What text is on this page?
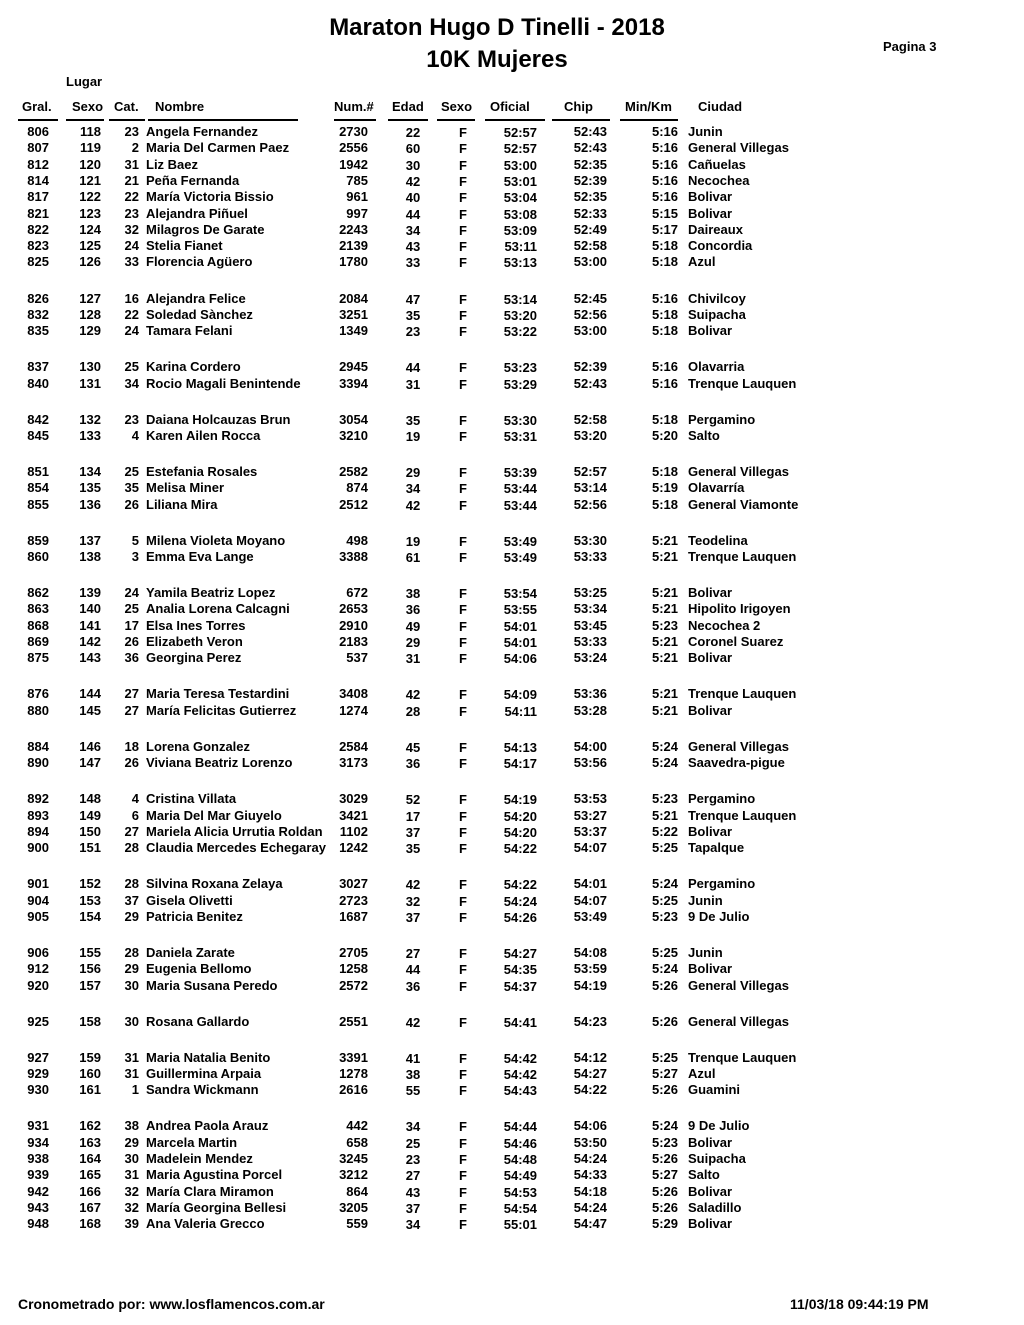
Maraton Hugo D Tinelli - 2018
10K Mujeres	Pagina 3
Lugar
Gral. Sexo Cat. Nombre	Num.# Edad Sexo Oficial	Chip Min/Km Ciudad
806	118	23 Angela Fernandez	2730	22	F	52:57	52:43	5:16 Junin
807	119	2 Maria Del Carmen Paez	2556	60	F	52:57	52:43	5:16 General Villegas
812	120	31 Liz Baez	1942	30	F	53:00	52:35	5:16 Cañuelas
814	121	21 Peña Fernanda	785	42	F	53:01	52:39	5:16 Necochea
817	122	22 María Victoria Bissio	961	40	F	53:04	52:35	5:16 Bolivar
821	123	23 Alejandra Piñuel	997	44	F	53:08	52:33	5:15 Bolivar
822	124	32 Milagros De Garate	2243	34	F	53:09	52:49	5:17 Daireaux
823	125	24 Stelia Fianet	2139	43	F	53:11	52:58	5:18 Concordia
825	126	33 Florencia Agüero	1780	33	F	53:13	53:00	5:18 Azul
826	127	16 Alejandra Felice	2084	47	F	53:14	52:45	5:16 Chivilcoy
832	128	22 Soledad Sànchez	3251	35	F	53:20	52:56	5:18 Suipacha
835	129	24 Tamara Felani	1349	23	F	53:22	53:00	5:18 Bolivar
837	130	25 Karina Cordero	2945	44	F	53:23	52:39	5:16 Olavarria
840	131	34 Rocio Magali Benintende	3394	31	F	53:29	52:43	5:16 Trenque Lauquen
842	132	23 Daiana Holcauzas Brun	3054	35	F	53:30	52:58	5:18 Pergamino
845	133	4 Karen Ailen Rocca	3210	19	F	53:31	53:20	5:20 Salto
851	134	25 Estefania Rosales	2582	29	F	53:39	52:57	5:18 General Villegas
854	135	35 Melisa Miner	874	34	F	53:44	53:14	5:19 Olavarría
855	136	26 Liliana Mira	2512	42	F	53:44	52:56	5:18 General Viamonte
859	137	5 Milena Violeta Moyano	498	19	F	53:49	53:30	5:21 Teodelina
860	138	3 Emma Eva Lange	3388	61	F	53:49	53:33	5:21 Trenque Lauquen
862	139	24 Yamila Beatriz Lopez	672	38	F	53:54	53:25	5:21 Bolivar
863	140	25 Analia Lorena Calcagni	2653	36	F	53:55	53:34	5:21 Hipolito Irigoyen
868	141	17 Elsa Ines Torres	2910	49	F	54:01	53:45	5:23 Necochea 2
869	142	26 Elizabeth Veron	2183	29	F	54:01	53:33	5:21 Coronel Suarez
875	143	36 Georgina Perez	537	31	F	54:06	53:24	5:21 Bolivar
876	144	27 Maria Teresa Testardini	3408	42	F	54:09	53:36	5:21 Trenque Lauquen
880	145	27 María Felicitas Gutierrez	1274	28	F	54:11	53:28	5:21 Bolivar
884	146	18 Lorena Gonzalez	2584	45	F	54:13	54:00	5:24 General Villegas
890	147	26 Viviana Beatriz Lorenzo	3173	36	F	54:17	53:56	5:24 Saavedra-pigue
892	148	4 Cristina Villata	3029	52	F	54:19	53:53	5:23 Pergamino
893	149	6 Maria Del Mar Giuyelo	3421	17	F	54:20	53:27	5:21 Trenque Lauquen
894	150	27 Mariela Alicia Urrutia Roldan	1102	37	F	54:20	53:37	5:22 Bolivar
900	151	28 Claudia Mercedes Echegaray	1242	35	F	54:22	54:07	5:25 Tapalque
901	152	28 Silvina Roxana Zelaya	3027	42	F	54:22	54:01	5:24 Pergamino
904	153	37 Gisela Olivetti	2723	32	F	54:24	54:07	5:25 Junin
905	154	29 Patricia Benitez	1687	37	F	54:26	53:49	5:23 9 De Julio
906	155	28 Daniela Zarate	2705	27	F	54:27	54:08	5:25 Junin
912	156	29 Eugenia Bellomo	1258	44	F	54:35	53:59	5:24 Bolivar
920	157	30 Maria Susana Peredo	2572	36	F	54:37	54:19	5:26 General Villegas
925	158	30 Rosana Gallardo	2551	42	F	54:41	54:23	5:26 General Villegas
927	159	31 Maria Natalia Benito	3391	41	F	54:42	54:12	5:25 Trenque Lauquen
929	160	31 Guillermina Arpaia	1278	38	F	54:42	54:27	5:27 Azul
930	161	1 Sandra Wickmann	2616	55	F	54:43	54:22	5:26 Guamini
931	162	38 Andrea Paola Arauz	442	34	F	54:44	54:06	5:24 9 De Julio
934	163	29 Marcela Martin	658	25	F	54:46	53:50	5:23 Bolivar
938	164	30 Madelein Mendez	3245	23	F	54:48	54:24	5:26 Suipacha
939	165	31 Maria Agustina Porcel	3212	27	F	54:49	54:33	5:27 Salto
942	166	32 María Clara Miramon	864	43	F	54:53	54:18	5:26 Bolivar
943	167	32 María Georgina Bellesi	3205	37	F	54:54	54:24	5:26 Saladillo
948	168	39 Ana Valeria Grecco	559	34	F	55:01	54:47	5:29 Bolivar
Cronometrado por: www.losflamencos.com.ar	11/03/18 09:44:19 PM
